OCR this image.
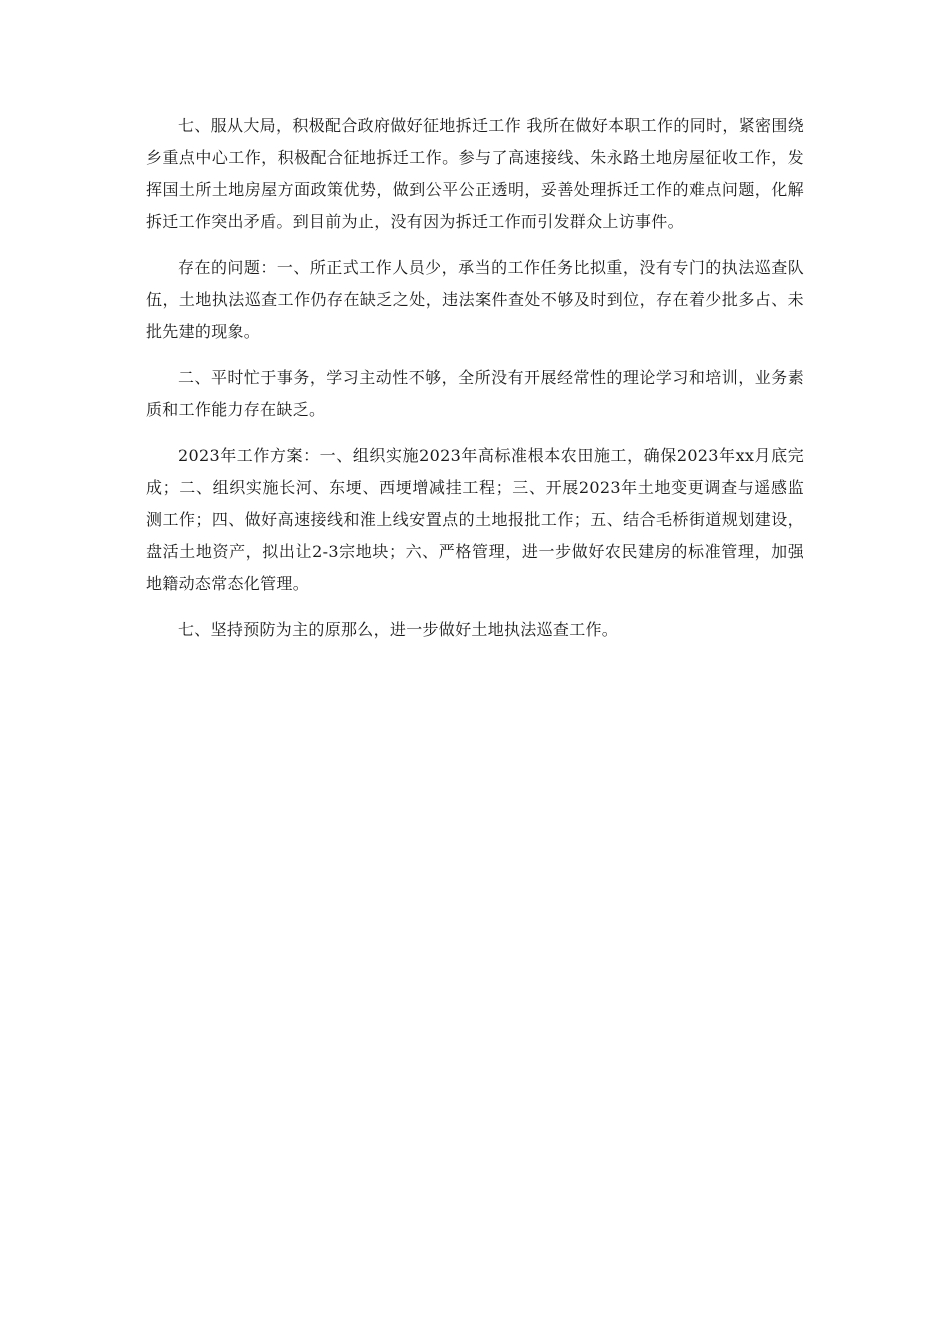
七、服从大局，积极配合政府做好征地拆迁工作 我所在做好本职工作的同时，紧密围绕乡重点中心工作，积极配合征地拆迁工作。参与了高速接线、朱永路土地房屋征收工作，发挥国土所土地房屋方面政策优势，做到公平公正透明，妥善处理拆迁工作的难点问题，化解拆迁工作突出矛盾。到目前为止，没有因为拆迁工作而引发群众上访事件。

存在的问题：一、所正式工作人员少，承当的工作任务比拟重，没有专门的执法巡查队伍，土地执法巡查工作仍存在缺乏之处，违法案件查处不够及时到位，存在着少批多占、未批先建的现象。

二、平时忙于事务，学习主动性不够，全所没有开展经常性的理论学习和培训，业务素质和工作能力存在缺乏。

2023年工作方案：一、组织实施2023年高标准根本农田施工，确保2023年xx月底完成；二、组织实施长河、东埂、西埂增减挂工程；三、开展2023年土地变更调查与遥感监测工作；四、做好高速接线和淮上线安置点的土地报批工作；五、结合毛桥街道规划建设，盘活土地资产，拟出让2-3宗地块；六、严格管理，进一步做好农民建房的标准管理，加强地籍动态常态化管理。

七、坚持预防为主的原那么，进一步做好土地执法巡查工作。
